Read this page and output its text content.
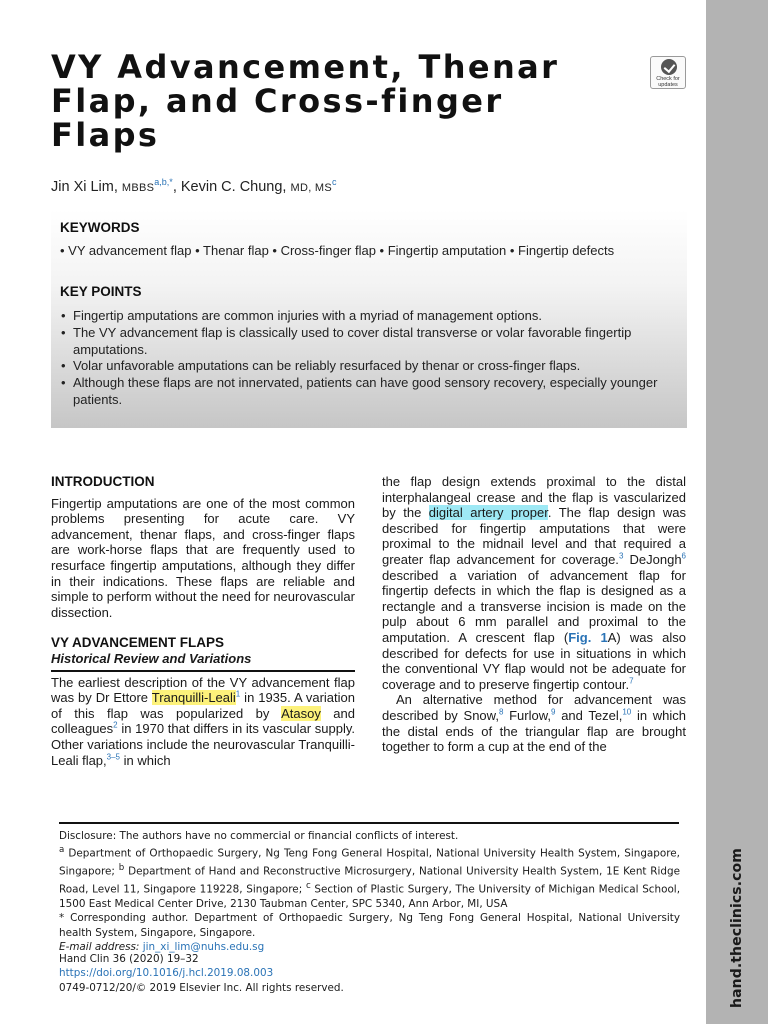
hand.theclinics.com
VY Advancement, Thenar
Flap, and Cross-finger
Flaps
Check for
updates
Jin Xi Lim, $MBBS^{a,b,*}$, Kevin C. Chung, MD, $MS^c$
KEYWORDS
• VY advancement flap • Thenar flap • Cross-finger flap • Fingertip amputation • Fingertip defects
KEY POINTS
• Fingertip amputations are common injuries with a myriad of management options.
• The VY advancement flap is classically used to cover distal transverse or volar favorable fingertip amputations.
• Volar unfavorable amputations can be reliably resurfaced by thenar or cross-finger flaps.
• Although these flaps are not innervated, patients can have good sensory recovery, especially younger patients.
INTRODUCTION

Fingertip amputations are one of the most common problems presenting for acute care. VY advancement, thenar flaps, and cross-finger flaps are work-horse flaps that are frequently used to resurface fingertip amputations, although they differ in their indications. These flaps are reliable and simple to perform without the need for neurovascular dissection.

VY ADVANCEMENT FLAPS
Historical Review and Variations

The earliest description of the VY advancement flap was by Dr Ettore Tranquilli-Leali$^1$ in 1935. A variation of this flap was popularized by Atasoy and colleagues$^2$ in 1970 that differs in its vascular supply. Other variations include the neurovascular Tranquilli-Leali flap,$^{3-5}$ in which

the flap design extends proximal to the distal interphalangeal crease and the flap is vascularized by the digital artery proper. The flap design was described for fingertip amputations that were proximal to the midnail level and that required a greater flap advancement for coverage.$^3$ DeJongh$^6$ described a variation of advancement flap for fingertip defects in which the flap is designed as a rectangle and a transverse incision is made on the pulp about 6 mm parallel and proximal to the amputation. A crescent flap (Fig. 1A) was also described for defects for use in situations in which the conventional VY flap would not be adequate for coverage and to preserve fingertip contour.$^7$

An alternative method for advancement was described by Snow,$^8$ Furlow,$^9$ and Tezel,$^{10}$ in which the distal ends of the triangular flap are brought together to form a cup at the end of the

Disclosure: The authors have no commercial or financial conflicts of interest.

$^a$ Department of Orthopaedic Surgery, Ng Teng Fong General Hospital, National University Health System, Singapore, Singapore; $^b$ Department of Hand and Reconstructive Microsurgery, National University Health System, 1E Kent Ridge Road, Level 11, Singapore 119228, Singapore; $^c$ Section of Plastic Surgery, The University of Michigan Medical School, 1500 East Medical Center Drive, 2130 Taubman Center, SPC 5340, Ann Arbor, MI, USA

* Corresponding author. Department of Orthopaedic Surgery, Ng Teng Fong General Hospital, National University health System, Singapore, Singapore.

E-mail address: jin_xi_lim@nuhs.edu.sg

Hand Clin 36 (2020) 19–32
https://doi.org/10.1016/j.hcl.2019.08.003
0749-0712/20/© 2019 Elsevier Inc. All rights reserved.
